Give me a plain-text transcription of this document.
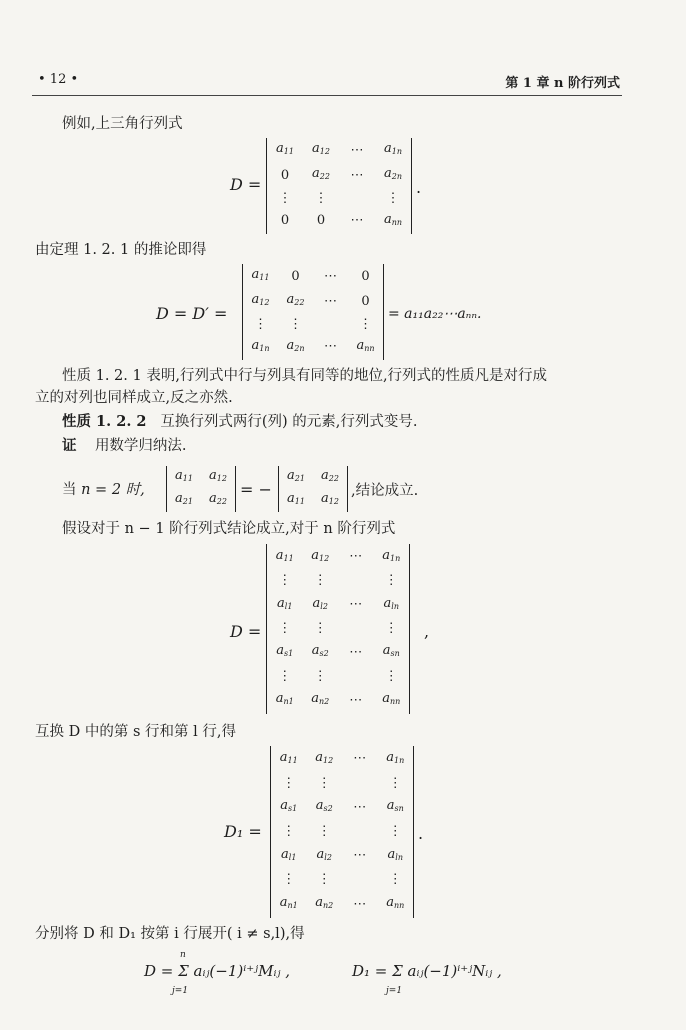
• 12 •	第 1 章 n 阶行列式
例如,上三角行列式
D =
$a_{11}$	$a_{12}$	⋯	$a_{1n}$
0	$a_{22}$	⋯	$a_{2n}$
⋮	⋮		⋮
0	0	⋯	$a_{nn}$
.
由定理 1. 2. 1 的推论即得
D = D′ =
$a_{11}$	0	⋯	0
$a_{12}$	$a_{22}$	⋯	0
⋮	⋮		⋮
$a_{1n}$	$a_{2n}$	⋯	$a_{nn}$
= a₁₁a₂₂⋯aₙₙ.
性质 1. 2. 1 表明,行列式中行与列具有同等的地位,行列式的性质凡是对行成
立的对列也同样成立,反之亦然.
性质 1. 2. 2 互换行列式两行(列) 的元素,行列式变号.
证 用数学归纳法.
当 n = 2 时,
$a_{11}$	$a_{12}$
$a_{21}$	$a_{22}$
= −
$a_{21}$	$a_{22}$
$a_{11}$	$a_{12}$
,结论成立.
假设对于 n − 1 阶行列式结论成立,对于 n 阶行列式
D =
$a_{11}$	$a_{12}$	⋯	$a_{1n}$
⋮	⋮		⋮
$a_{l1}$	$a_{l2}$	⋯	$a_{ln}$
⋮	⋮		⋮
$a_{s1}$	$a_{s2}$	⋯	$a_{sn}$
⋮	⋮		⋮
$a_{n1}$	$a_{n2}$	⋯	$a_{nn}$
,
互换 D 中的第 s 行和第 l 行,得
D₁ =
$a_{11}$	$a_{12}$	⋯	$a_{1n}$
⋮	⋮		⋮
$a_{s1}$	$a_{s2}$	⋯	$a_{sn}$
⋮	⋮		⋮
$a_{l1}$	$a_{l2}$	⋯	$a_{ln}$
⋮	⋮		⋮
$a_{n1}$	$a_{n2}$	⋯	$a_{nn}$
.
分别将 D 和 D₁ 按第 i 行展开( i ≠ s,l),得
n
j=1
D = Σ aᵢⱼ(−1)ⁱ⁺ʲMᵢⱼ ,
j=1
D₁ = Σ aᵢⱼ(−1)ⁱ⁺ʲNᵢⱼ ,
